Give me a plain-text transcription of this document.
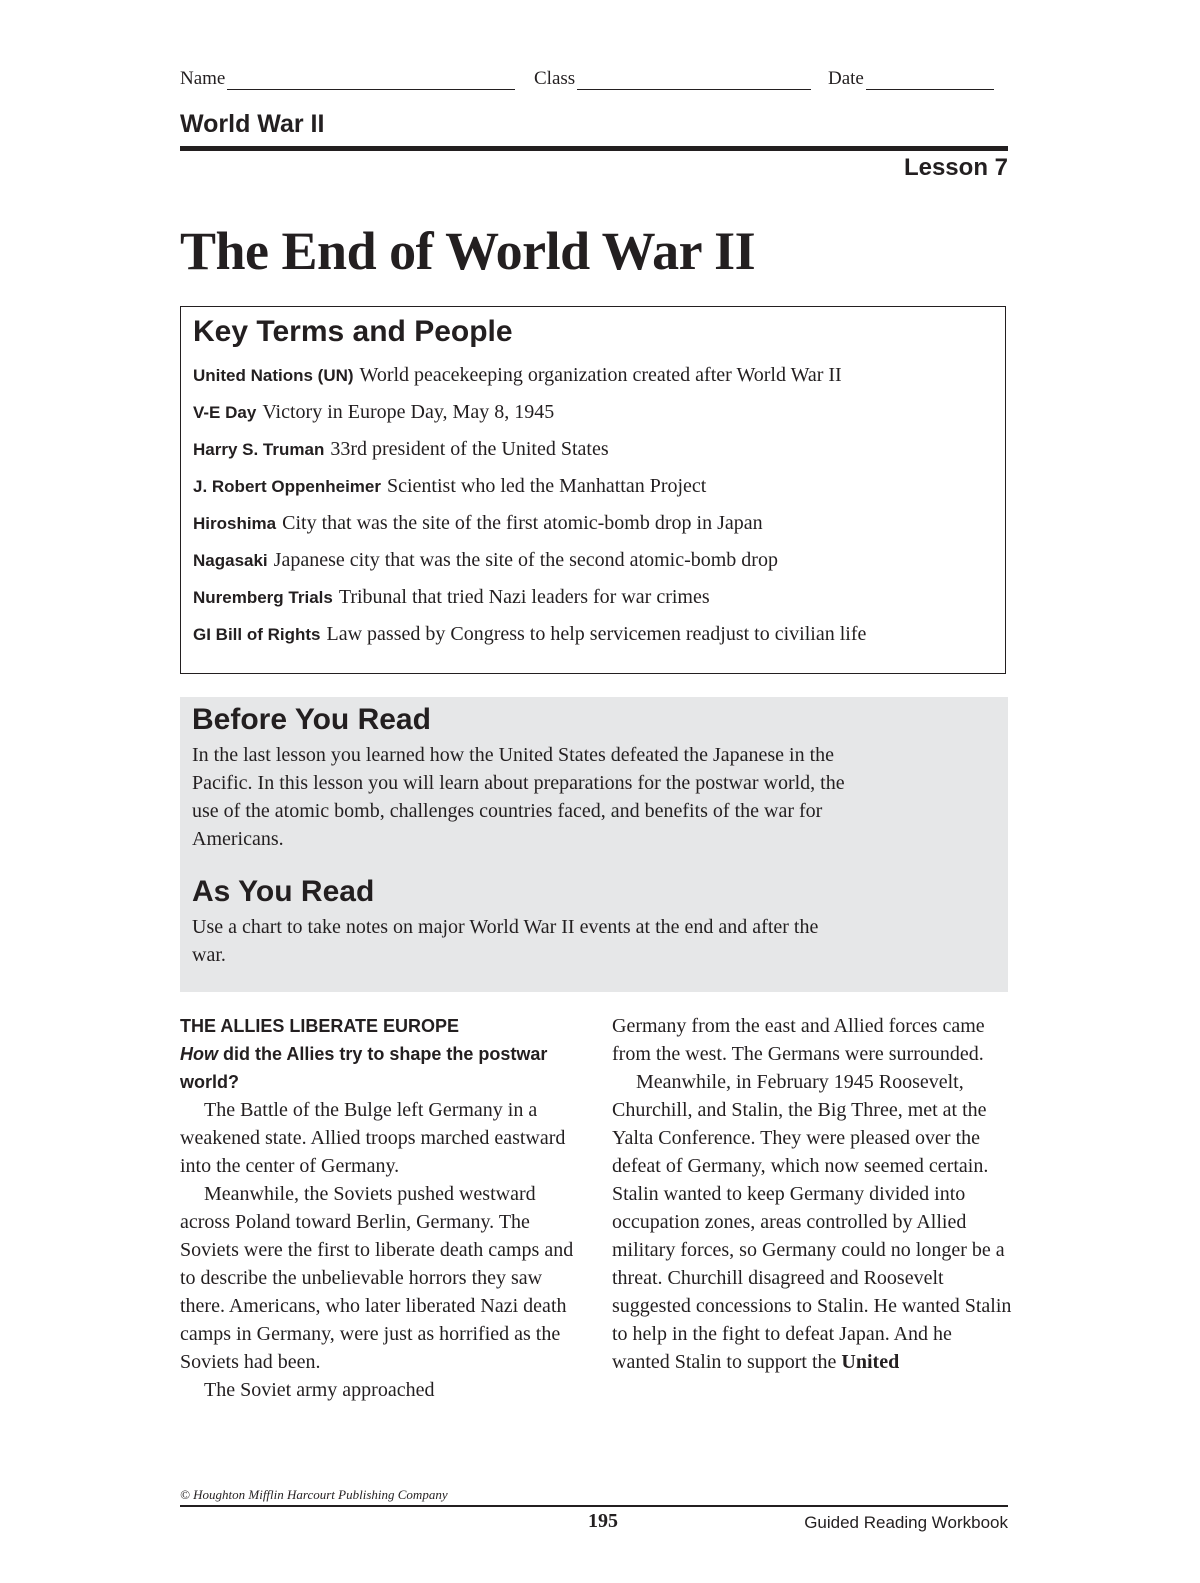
Name	Class	Date
World War II
Lesson 7
The End of World War II
Key Terms and People
United Nations (UN) World peacekeeping organization created after World War II
V-E Day Victory in Europe Day, May 8, 1945
Harry S. Truman 33rd president of the United States
J. Robert Oppenheimer Scientist who led the Manhattan Project
Hiroshima City that was the site of the first atomic-bomb drop in Japan
Nagasaki Japanese city that was the site of the second atomic-bomb drop
Nuremberg Trials Tribunal that tried Nazi leaders for war crimes
GI Bill of Rights Law passed by Congress to help servicemen readjust to civilian life
Before You Read

In the last lesson you learned how the United States defeated the Japanese in the Pacific. In this lesson you will learn about preparations for the postwar world, the use of the atomic bomb, challenges countries faced, and benefits of the war for Americans.

As You Read

Use a chart to take notes on major World War II events at the end and after the war.

THE ALLIES LIBERATE EUROPE
How did the Allies try to shape the postwar world?

The Battle of the Bulge left Germany in a weakened state. Allied troops marched eastward into the center of Germany.

Meanwhile, the Soviets pushed westward across Poland toward Berlin, Germany. The Soviets were the first to liberate death camps and to describe the unbelievable horrors they saw there. Americans, who later liberated Nazi death camps in Germany, were just as horrified as the Soviets had been.

The Soviet army approached

Germany from the east and Allied forces came from the west. The Germans were surrounded.

Meanwhile, in February 1945 Roosevelt, Churchill, and Stalin, the Big Three, met at the Yalta Conference. They were pleased over the defeat of Germany, which now seemed certain. Stalin wanted to keep Germany divided into occupation zones, areas controlled by Allied military forces, so Germany could no longer be a threat. Churchill disagreed and Roosevelt suggested concessions to Stalin. He wanted Stalin to help in the fight to defeat Japan. And he wanted Stalin to support the United

© Houghton Mifflin Harcourt Publishing Company
195	Guided Reading Workbook
